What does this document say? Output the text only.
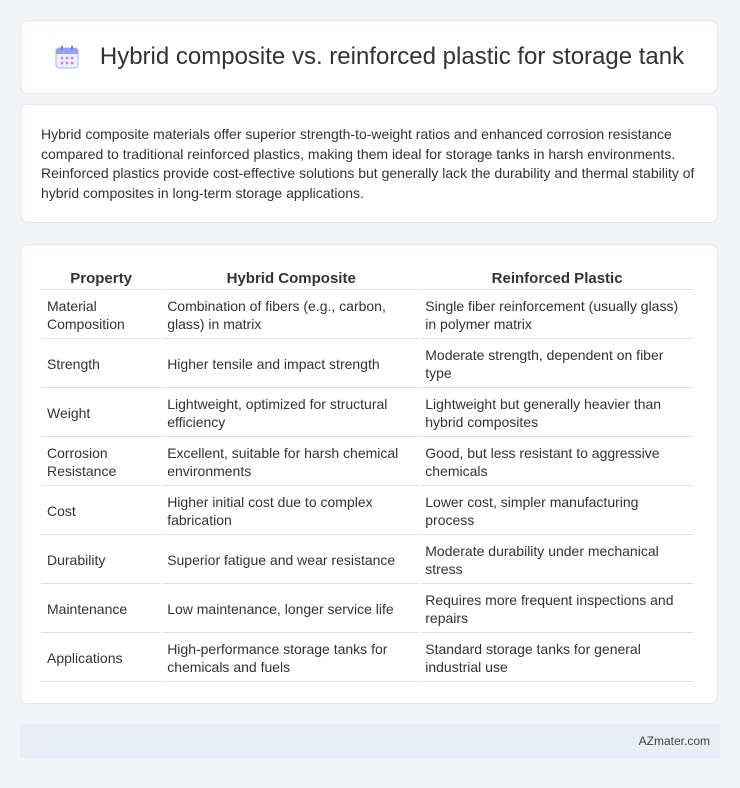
Hybrid composite vs. reinforced plastic for storage tank

Hybrid composite materials offer superior strength-to-weight ratios and enhanced corrosion resistance compared to traditional reinforced plastics, making them ideal for storage tanks in harsh environments. Reinforced plastics provide cost-effective solutions but generally lack the durability and thermal stability of hybrid composites in long-term storage applications.

Property	Hybrid Composite	Reinforced Plastic
Material Composition	Combination of fibers (e.g., carbon, glass) in matrix	Single fiber reinforcement (usually glass) in polymer matrix
Strength	Higher tensile and impact strength	Moderate strength, dependent on fiber type
Weight	Lightweight, optimized for structural efficiency	Lightweight but generally heavier than hybrid composites
Corrosion Resistance	Excellent, suitable for harsh chemical environments	Good, but less resistant to aggressive chemicals
Cost	Higher initial cost due to complex fabrication	Lower cost, simpler manufacturing process
Durability	Superior fatigue and wear resistance	Moderate durability under mechanical stress
Maintenance	Low maintenance, longer service life	Requires more frequent inspections and repairs
Applications	High-performance storage tanks for chemicals and fuels	Standard storage tanks for general industrial use
AZmater.com
